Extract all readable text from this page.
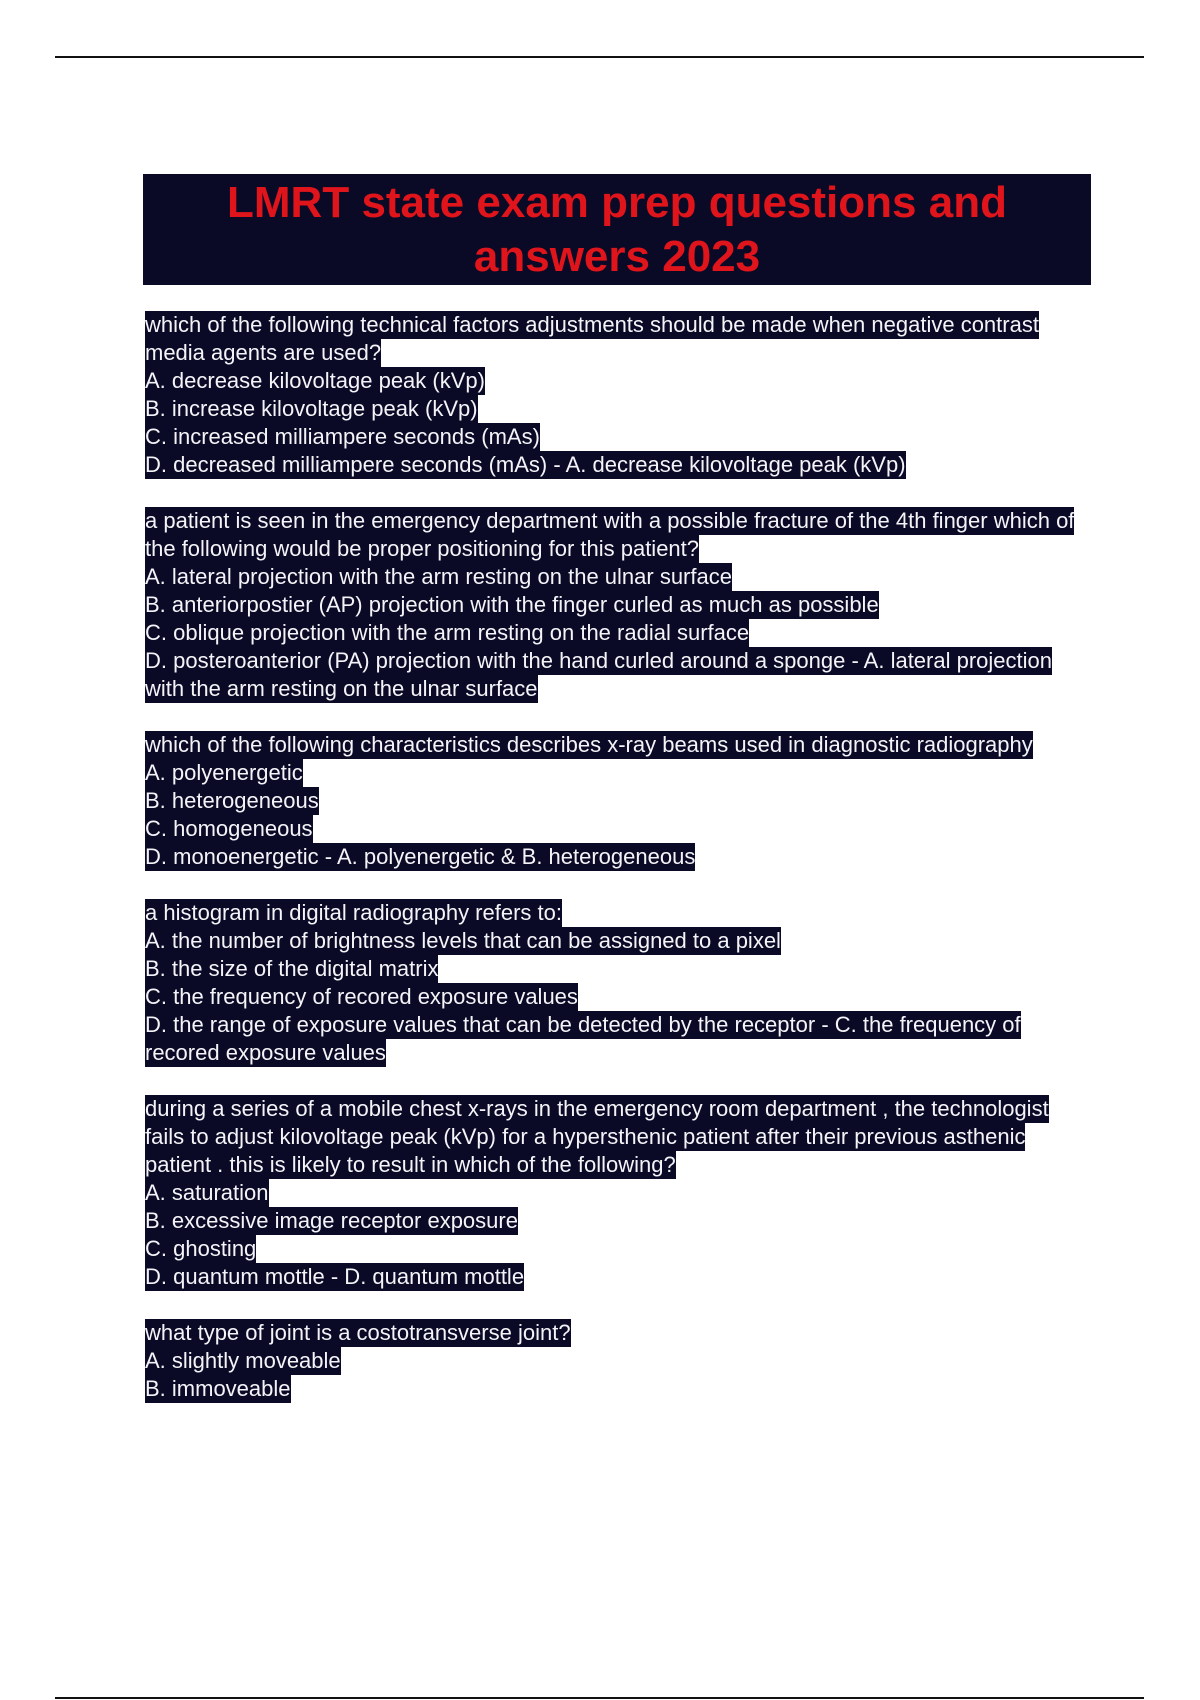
LMRT state exam prep questions and answers 2023

which of the following technical factors adjustments should be made when negative contrast media agents are used?

A. decrease kilovoltage peak (kVp)

B. increase kilovoltage peak (kVp)

C. increased milliampere seconds (mAs)

D. decreased milliampere seconds (mAs) - A. decrease kilovoltage peak (kVp)

a patient is seen in the emergency department with a possible fracture of the 4th finger which of the following would be proper positioning for this patient?

A. lateral projection with the arm resting on the ulnar surface

B. anteriorpostier (AP) projection with the finger curled as much as possible

C. oblique projection with the arm resting on the radial surface

D. posteroanterior (PA) projection with the hand curled around a sponge - A. lateral projection with the arm resting on the ulnar surface

which of the following characteristics describes x-ray beams used in diagnostic radiography

A. polyenergetic

B. heterogeneous

C. homogeneous

D. monoenergetic - A. polyenergetic & B. heterogeneous

a histogram in digital radiography refers to:

A. the number of brightness levels that can be assigned to a pixel

B. the size of the digital matrix

C. the frequency of recored exposure values

D. the range of exposure values that can be detected by the receptor - C. the frequency of recored exposure values

during a series of a mobile chest x-rays in the emergency room department , the technologist fails to adjust kilovoltage peak (kVp) for a hypersthenic patient after their previous asthenic patient . this is likely to result in which of the following?

A. saturation

B. excessive image receptor exposure

C. ghosting

D. quantum mottle - D. quantum mottle

what type of joint is a costotransverse joint?

A. slightly moveable

B. immoveable
